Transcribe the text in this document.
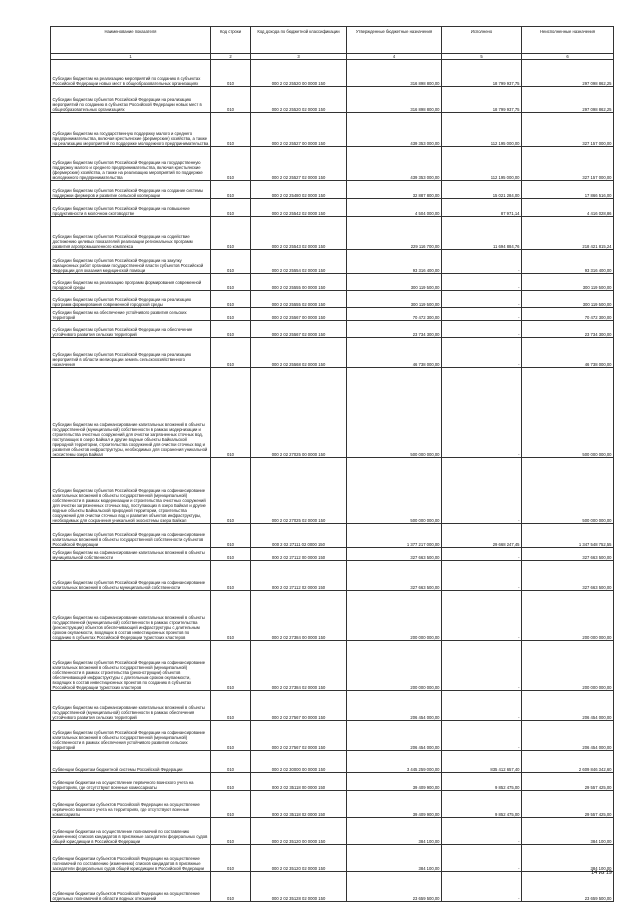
Наименование показателя	Код строки	Код дохода по бюджетной классификации	Утвержденные бюджетные назначения	Исполнено	Неисполненные назначения
1	2	3	4	5	6
Субсидии бюджетам на реализацию мероприятий по созданию в субъектах Российской Федерации новых мест в общеобразовательных организациях	010	000 2 02 25520 00 0000 150	316 898 800,00	18 799 937,75	297 098 862,25
Субсидии бюджетам субъектов Российской Федерации на реализацию мероприятий по созданию в субъектах Российской Федерации новых мест в общеобразовательных организациях	010	000 2 02 25520 02 0000 150	316 898 800,00	18 799 937,75	297 098 862,25
Субсидии бюджетам на государственную поддержку малого и среднего предпринимательства, включая крестьянские (фермерские) хозяйства, а также на реализацию мероприятий по поддержке молодежного предпринимательства	010	000 2 02 25527 00 0000 150	439 353 000,00	112 195 000,00	327 157 000,00
Субсидии бюджетам субъектов Российской Федерации на государственную поддержку малого и среднего предпринимательства, включая крестьянские (фермерские) хозяйства, а также на реализацию мероприятий по поддержке молодежного предпринимательства	010	000 2 02 25527 02 0000 150	439 353 000,00	112 195 000,00	327 157 000,00
Субсидии бюджетам субъектов Российской Федерации на создание системы поддержки фермеров и развитие сельской кооперации	010	000 2 02 25480 02 0000 150	32 887 800,00	15 021 284,00	17 866 516,00
Субсидии бюджетам субъектов Российской Федерации на повышение продуктивности в молочном скотоводстве	010	000 2 02 25542 02 0000 150	4 504 000,00	87 971,14	4 416 028,86
Субсидии бюджетам субъектов Российской Федерации на содействие достижению целевых показателей реализации региональных программ развития агропромышленного комплекса	010	000 2 02 25543 02 0000 150	229 116 700,00	11 694 884,76	218 421 815,24
Субсидии бюджетам субъектов Российской Федерации на закупку авиационных работ органами государственной власти субъектов Российской Федерации для оказания медицинской помощи	010	000 2 02 25554 02 0000 150	93 316 400,00	-	93 316 400,00
Субсидии бюджетам на реализацию программ формирования современной городской среды	010	000 2 02 25555 00 0000 150	300 119 500,00	-	300 119 500,00
Субсидии бюджетам субъектов Российской Федерации на реализацию программ формирования современной городской среды	010	000 2 02 25555 02 0000 150	300 119 500,00	-	300 119 500,00
Субсидии бюджетам на обеспечение устойчивого развития сельских территорий	010	000 2 02 25567 00 0000 150	70 472 300,00	-	70 472 300,00
Субсидии бюджетам субъектов Российской Федерации на обеспечение устойчивого развития сельских территорий	010	000 2 02 25567 02 0000 150	23 734 300,00	-	23 734 300,00
Субсидии бюджетам субъектов Российской Федерации на реализацию мероприятий в области мелиорации земель сельскохозяйственного назначения	010	000 2 02 25568 02 0000 150	46 738 000,00	-	46 738 000,00
Субсидии бюджетам на софинансирование капитальных вложений в объекты государственной (муниципальной) собственности в рамках модернизации и строительства очистных сооружений для очистки загрязненных сточных вод, поступающих в озеро Байкал и другие водные объекты Байкальской природной территории, строительства сооружений для очистки сточных вод и развития объектов инфраструктуры, необходимых для сохранения уникальной экосистемы озера Байкал	010	000 2 02 27025 00 0000 150	500 000 000,00	-	500 000 000,00
Субсидии бюджетам субъектов Российской Федерации на софинансирование капитальных вложений в объекты государственной (муниципальной) собственности в рамках модернизации и строительства очистных сооружений для очистки загрязненных сточных вод, поступающих в озеро Байкал и другие водные объекты Байкальской природной территории, строительства сооружений для очистки сточных вод и развития объектов инфраструктуры, необходимых для сохранения уникальной экосистемы озера Байкал	010	000 2 02 27025 02 0000 150	500 000 000,00	-	500 000 000,00
Субсидии бюджетам субъектов Российской Федерации на софинансирование капитальных вложений в объекты государственной собственности субъектов Российской Федерации	010	000 2 02 27111 02 0000 150	1 377 217 000,00	29 668 247,45	1 347 548 752,55
Субсидии бюджетам на софинансирование капитальных вложений в объекты муниципальной собственности	010	000 2 02 27112 00 0000 150	327 663 500,00	-	327 663 500,00
Субсидии бюджетам субъектов Российской Федерации на софинансирование капитальных вложений в объекты муниципальной собственности	010	000 2 02 27112 02 0000 150	327 663 500,00	-	327 663 500,00
Субсидии бюджетам на софинансирование капитальных вложений в объекты государственной (муниципальной) собственности в рамках строительства (реконструкции) объектов обеспечивающей инфраструктуры с длительным сроком окупаемости, входящих в состав инвестиционных проектов по созданию в субъектах Российской Федерации туристских кластеров	010	000 2 02 27384 00 0000 150	200 000 000,00	-	200 000 000,00
Субсидии бюджетам субъектов Российской Федерации на софинансирование капитальных вложений в объекты государственной (муниципальной) собственности в рамках строительства (реконструкции) объектов обеспечивающей инфраструктуры с длительным сроком окупаемости, входящих в состав инвестиционных проектов по созданию в субъектах Российской Федерации туристских кластеров	010	000 2 02 27384 02 0000 150	200 000 000,00	-	200 000 000,00
Субсидии бюджетам на софинансирование капитальных вложений в объекты государственной (муниципальной) собственности в рамках обеспечения устойчивого развития сельских территорий	010	000 2 02 27567 00 0000 150	206 454 000,00	-	206 454 000,00
Субсидии бюджетам субъектов Российской Федерации на софинансирование капитальных вложений в объекты государственной (муниципальной) собственности в рамках обеспечения устойчивого развития сельских территорий	010	000 2 02 27567 02 0000 150	206 454 000,00	-	206 454 000,00
Субвенции бюджетам бюджетной системы Российской Федерации	010	000 2 02 30000 00 0000 150	3 445 259 000,00	835 412 657,40	2 609 846 342,60
Субвенции бюджетам на осуществление первичного воинского учета на территориях, где отсутствуют военные комиссариаты	010	000 2 02 35118 00 0000 150	39 409 900,00	9 852 475,00	29 557 425,00
Субвенции бюджетам субъектов Российской Федерации на осуществление первичного воинского учета на территориях, где отсутствуют военные комиссариаты	010	000 2 02 35118 02 0000 150	39 409 900,00	9 852 475,00	29 557 425,00
Субвенции бюджетам на осуществление полномочий по составлению (изменению) списков кандидатов в присяжные заседатели федеральных судов общей юрисдикции в Российской Федерации	010	000 2 02 35120 00 0000 150	384 100,00	-	384 100,00
Субвенции бюджетам субъектов Российской Федерации на осуществление полномочий по составлению (изменению) списков кандидатов в присяжные заседатели федеральных судов общей юрисдикции в Российской Федерации	010	000 2 02 35120 02 0000 150	384 100,00	-	384 100,00
Субвенции бюджетам субъектов Российской Федерации на осуществление отдельных полномочий в области водных отношений	010	000 2 02 35128 02 0000 150	23 659 500,00	-	23 659 500,00
14 из 19
